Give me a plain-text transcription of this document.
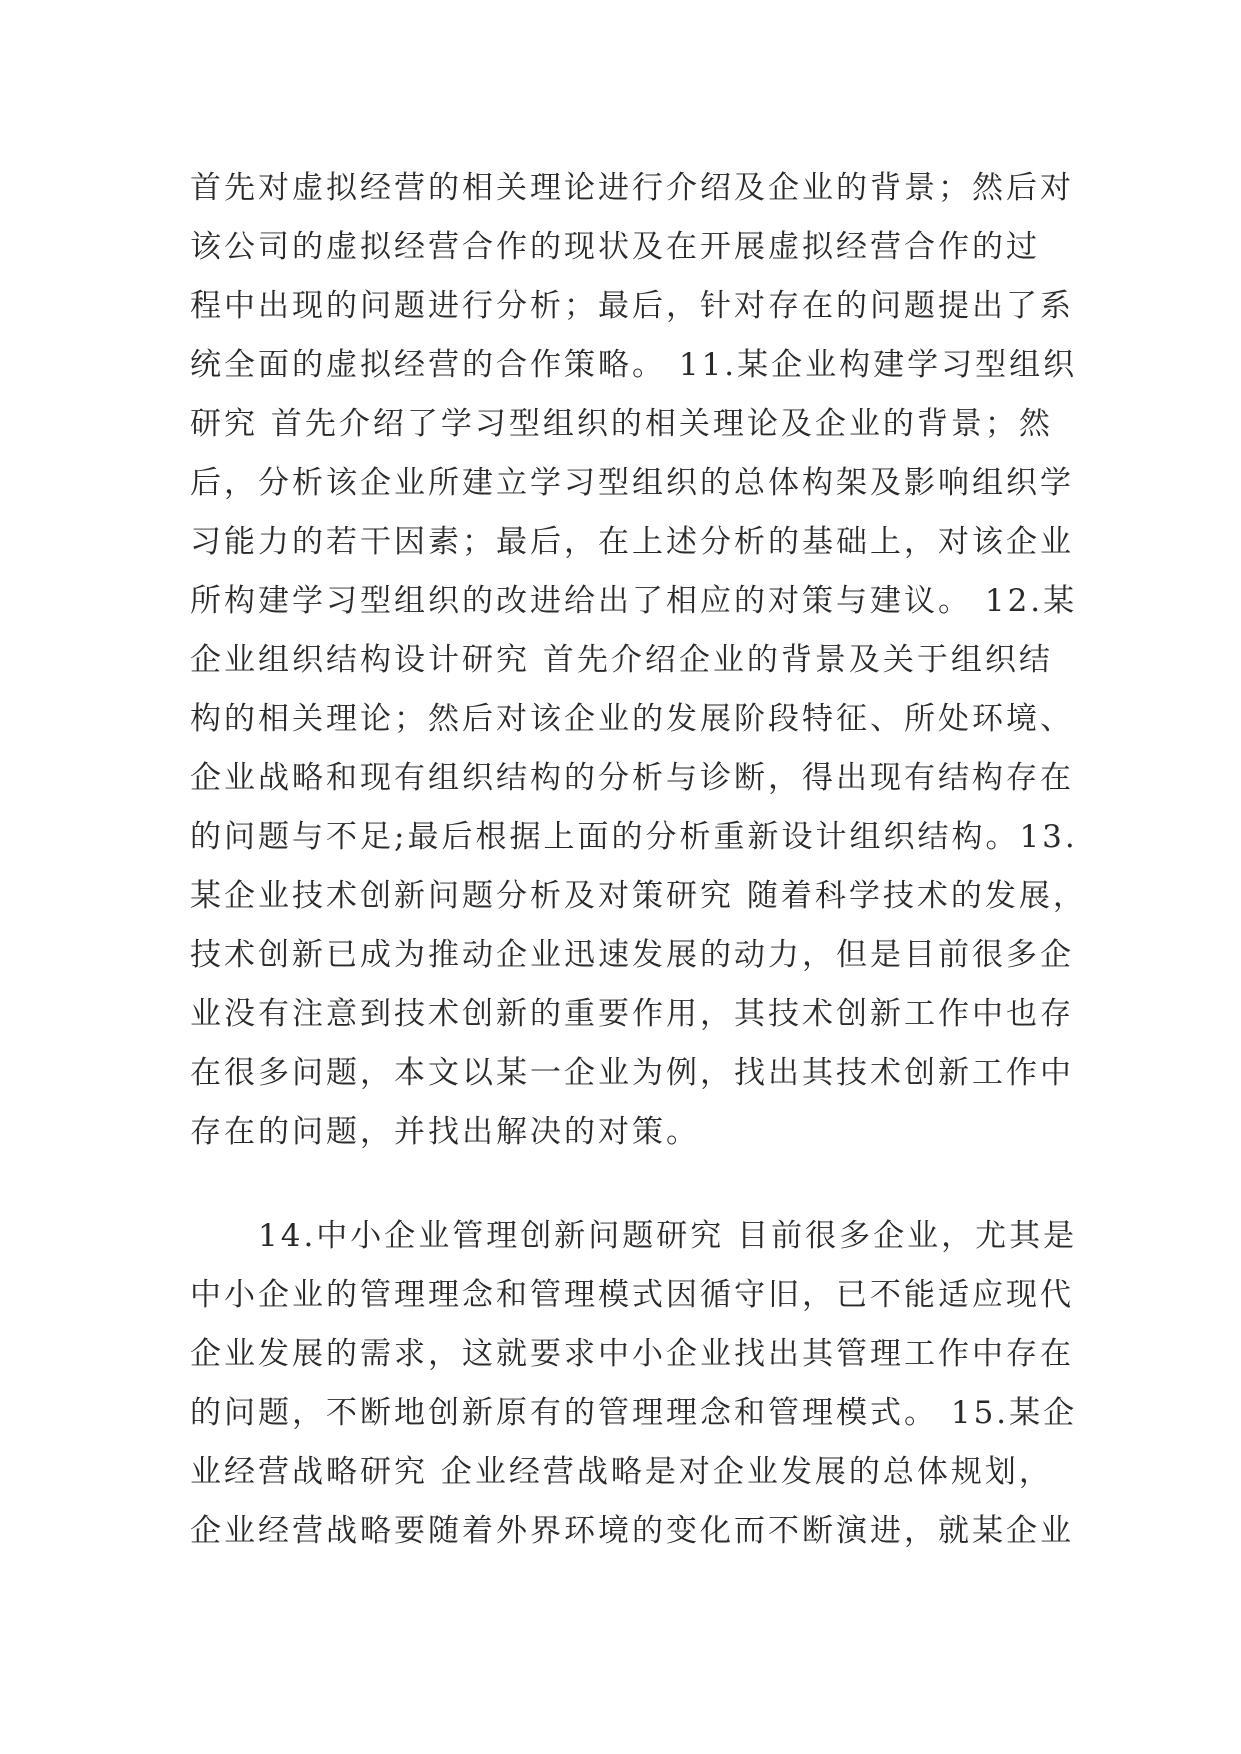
首先对虚拟经营的相关理论进行介绍及企业的背景；然后对
该公司的虚拟经营合作的现状及在开展虚拟经营合作的过
程中出现的问题进行分析；最后，针对存在的问题提出了系
统全面的虚拟经营的合作策略。 11.某企业构建学习型组织
研究 首先介绍了学习型组织的相关理论及企业的背景；然
后，分析该企业所建立学习型组织的总体构架及影响组织学
习能力的若干因素；最后，在上述分析的基础上，对该企业
所构建学习型组织的改进给出了相应的对策与建议。 12.某
企业组织结构设计研究 首先介绍企业的背景及关于组织结
构的相关理论；然后对该企业的发展阶段特征、所处环境、
企业战略和现有组织结构的分析与诊断，得出现有结构存在
的问题与不足;最后根据上面的分析重新设计组织结构。13.
某企业技术创新问题分析及对策研究 随着科学技术的发展，
技术创新已成为推动企业迅速发展的动力，但是目前很多企
业没有注意到技术创新的重要作用，其技术创新工作中也存
在很多问题，本文以某一企业为例，找出其技术创新工作中
存在的问题，并找出解决的对策。
　　14.中小企业管理创新问题研究 目前很多企业，尤其是
中小企业的管理理念和管理模式因循守旧，已不能适应现代
企业发展的需求，这就要求中小企业找出其管理工作中存在
的问题，不断地创新原有的管理理念和管理模式。 15.某企
业经营战略研究 企业经营战略是对企业发展的总体规划，
企业经营战略要随着外界环境的变化而不断演进，就某企业
